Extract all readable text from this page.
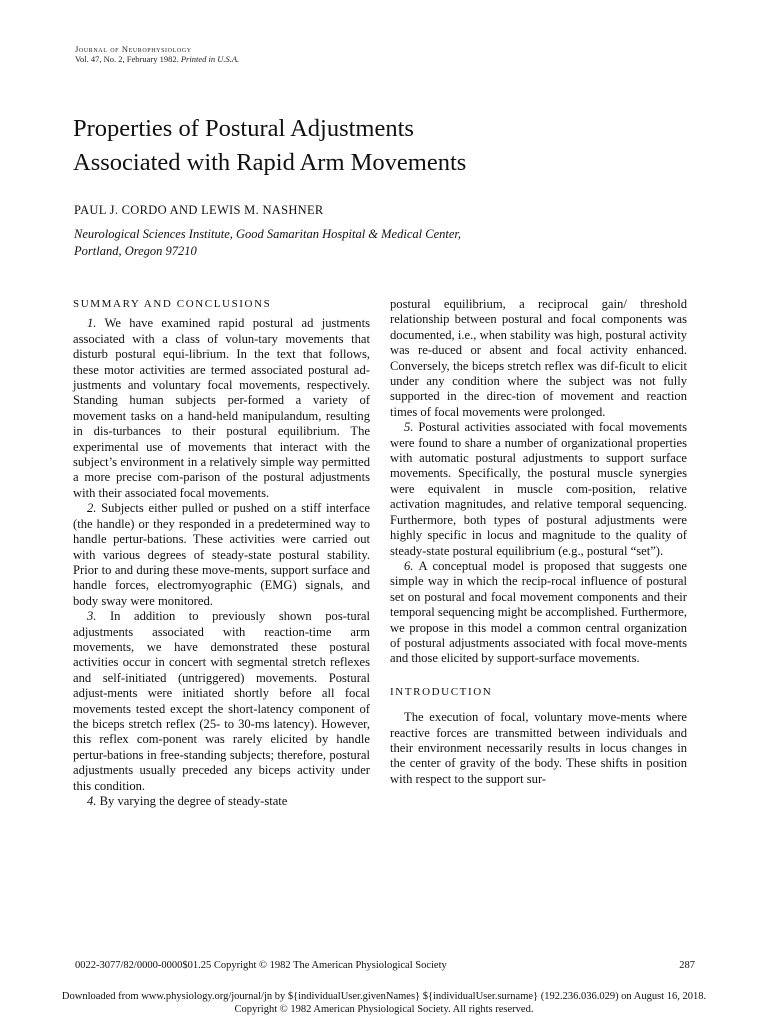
Journal of Neurophysiology
Vol. 47, No. 2, February 1982. Printed in U.S.A.
Properties of Postural Adjustments
Associated with Rapid Arm Movements
PAUL J. CORDO AND LEWIS M. NASHNER
Neurological Sciences Institute, Good Samaritan Hospital & Medical Center,
Portland, Oregon 97210
SUMMARY AND CONCLUSIONS

1. We have examined rapid postural ad justments associated with a class of volun-tary movements that disturb postural equi-librium. In the text that follows, these motor activities are termed associated postural ad-justments and voluntary focal movements, respectively. Standing human subjects per-formed a variety of movement tasks on a hand-held manipulandum, resulting in dis-turbances to their postural equilibrium. The experimental use of movements that interact with the subject’s environment in a relatively simple way permitted a more precise com-parison of the postural adjustments with their associated focal movements.

2. Subjects either pulled or pushed on a stiff interface (the handle) or they responded in a predetermined way to handle pertur-bations. These activities were carried out with various degrees of steady-state postural stability. Prior to and during these move-ments, support surface and handle forces, electromyographic (EMG) signals, and body sway were monitored.

3. In addition to previously shown pos-tural adjustments associated with reaction-time arm movements, we have demonstrated these postural activities occur in concert with segmental stretch reflexes and self-initiated (untriggered) movements. Postural adjust-ments were initiated shortly before all focal movements tested except the short-latency component of the biceps stretch reflex (25- to 30-ms latency). However, this reflex com-ponent was rarely elicited by handle pertur-bations in free-standing subjects; therefore, postural adjustments usually preceded any biceps activity under this condition.

4. By varying the degree of steady-state

postural equilibrium, a reciprocal gain/ threshold relationship between postural and focal components was documented, i.e., when stability was high, postural activity was re-duced or absent and focal activity enhanced. Conversely, the biceps stretch reflex was dif-ficult to elicit under any condition where the subject was not fully supported in the direc-tion of movement and reaction times of focal movements were prolonged.

5. Postural activities associated with focal movements were found to share a number of organizational properties with automatic postural adjustments to support surface movements. Specifically, the postural muscle synergies were equivalent in muscle com-position, relative activation magnitudes, and relative temporal sequencing. Furthermore, both types of postural adjustments were highly specific in locus and magnitude to the quality of steady-state postural equilibrium (e.g., postural “set”).

6. A conceptual model is proposed that suggests one simple way in which the recip-rocal influence of postural set on postural and focal movement components and their temporal sequencing might be accomplished. Furthermore, we propose in this model a common central organization of postural adjustments associated with focal move-ments and those elicited by support-surface movements.

INTRODUCTION

The execution of focal, voluntary move-ments where reactive forces are transmitted between individuals and their environment necessarily results in locus changes in the center of gravity of the body. These shifts in position with respect to the support sur-

0022-3077/82/0000-0000$01.25 Copyright © 1982 The American Physiological Society	287
Downloaded from www.physiology.org/journal/jn by ${individualUser.givenNames} ${individualUser.surname} (192.236.036.029) on August 16, 2018.
Copyright © 1982 American Physiological Society. All rights reserved.
